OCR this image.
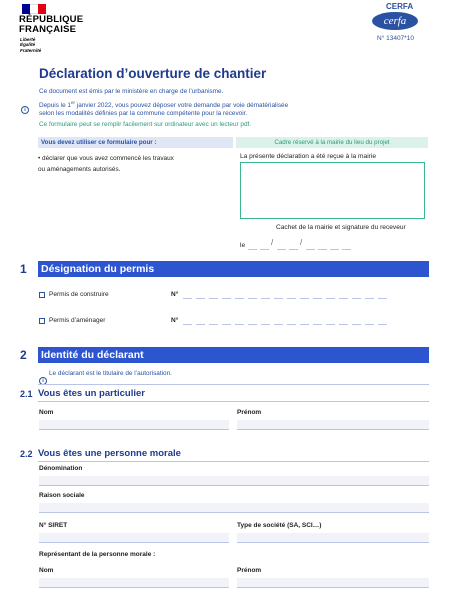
RÉPUBLIQUE
FRANÇAISE
Liberté
Égalité
Fraternité
CERFA
cerfa
N° 13407*10
Déclaration d’ouverture de chantier
Ce document est émis par le ministère en charge de l’urbanisme.
i
Depuis le 1er janvier 2022, vous pouvez déposer votre demande par voie dématérialisée
selon les modalités définies par la commune compétente pour la recevoir.
Ce formulaire peut se remplir facilement sur ordinateur avec un lecteur pdf.
Vous devez utiliser ce formulaire pour :	Cadre réservé à la mairie du lieu du projet
• déclarer que vous avez commencé les travaux
ou aménagements autorisés.
La présente déclaration a été reçue à la mairie
Cachet de la mairie et signature du receveur
le	/	/
1 Désignation du permis
Permis de construire	N°
Permis d’aménager	N°
2 Identité du déclarant
i
Le déclarant est le titulaire de l’autorisation.
2.1 Vous êtes un particulier
Nom	Prénom
2.2 Vous êtes une personne morale
Dénomination
Raison sociale
N° SIRET	Type de société (SA, SCI…)
Représentant de la personne morale :
Nom	Prénom
